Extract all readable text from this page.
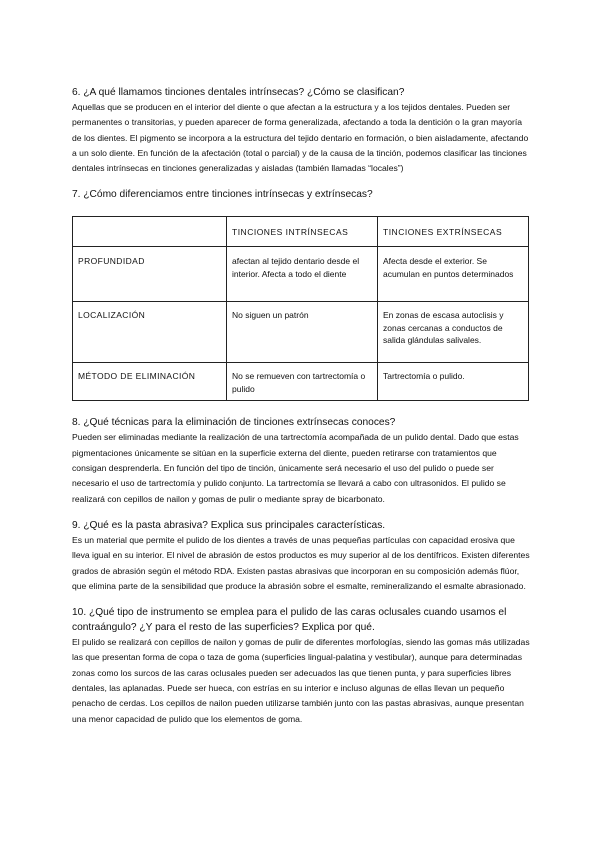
6. ¿A qué llamamos tinciones dentales intrínsecas? ¿Cómo se clasifican?

Aquellas que se producen en el interior del diente o que afectan a la estructura y a los tejidos dentales. Pueden ser permanentes o transitorias, y pueden aparecer de forma generalizada, afectando a toda la dentición o la gran mayoría de los dientes. El pigmento se incorpora a la estructura del tejido dentario en formación, o bien aisladamente, afectando a un solo diente. En función de la afectación (total o parcial) y de la causa de la tinción, podemos clasificar las tinciones dentales intrínsecas en tinciones generalizadas y aisladas (también llamadas “locales”)

7. ¿Cómo diferenciamos entre tinciones intrínsecas y extrínsecas?

	TINCIONES INTRÍNSECAS	TINCIONES EXTRÍNSECAS
PROFUNDIDAD	afectan al tejido dentario desde el interior. Afecta a todo el diente	Afecta desde el exterior. Se acumulan en puntos determinados
LOCALIZACIÓN	No siguen un patrón	En zonas de escasa autoclisis y zonas cercanas a conductos de salida glándulas salivales.
MÉTODO DE ELIMINACIÓN	No se remueven con tartrectomía o pulido	Tartrectomía o pulido.

8. ¿Qué técnicas para la eliminación de tinciones extrínsecas conoces?

Pueden ser eliminadas mediante la realización de una tartrectomía acompañada de un pulido dental. Dado que estas pigmentaciones únicamente se sitúan en la superficie externa del diente, pueden retirarse con tratamientos que consigan desprenderla. En función del tipo de tinción, únicamente será necesario el uso del pulido o puede ser necesario el uso de tartrectomía y pulido conjunto. La tartrectomía se llevará a cabo con ultrasonidos. El pulido se realizará con cepillos de nailon y gomas de pulir o mediante spray de bicarbonato.

9. ¿Qué es la pasta abrasiva? Explica sus principales características.

Es un material que permite el pulido de los dientes a través de unas pequeñas partículas con capacidad erosiva que lleva igual en su interior. El nivel de abrasión de estos productos es muy superior al de los dentífricos. Existen diferentes grados de abrasión según el método RDA. Existen pastas abrasivas que incorporan en su composición además flúor, que elimina parte de la sensibilidad que produce la abrasión sobre el esmalte, remineralizando el esmalte abrasionado.

10. ¿Qué tipo de instrumento se emplea para el pulido de las caras oclusales cuando usamos el contraángulo? ¿Y para el resto de las superficies? Explica por qué.

El pulido se realizará con cepillos de nailon y gomas de pulir de diferentes morfologías, siendo las gomas más utilizadas las que presentan forma de copa o taza de goma (superficies lingual-palatina y vestibular), aunque para determinadas zonas como los surcos de las caras oclusales pueden ser adecuados las que tienen punta, y para superficies libres dentales, las aplanadas. Puede ser hueca, con estrías en su interior e incluso algunas de ellas llevan un pequeño penacho de cerdas. Los cepillos de nailon pueden utilizarse también junto con las pastas abrasivas, aunque presentan una menor capacidad de pulido que los elementos de goma.
